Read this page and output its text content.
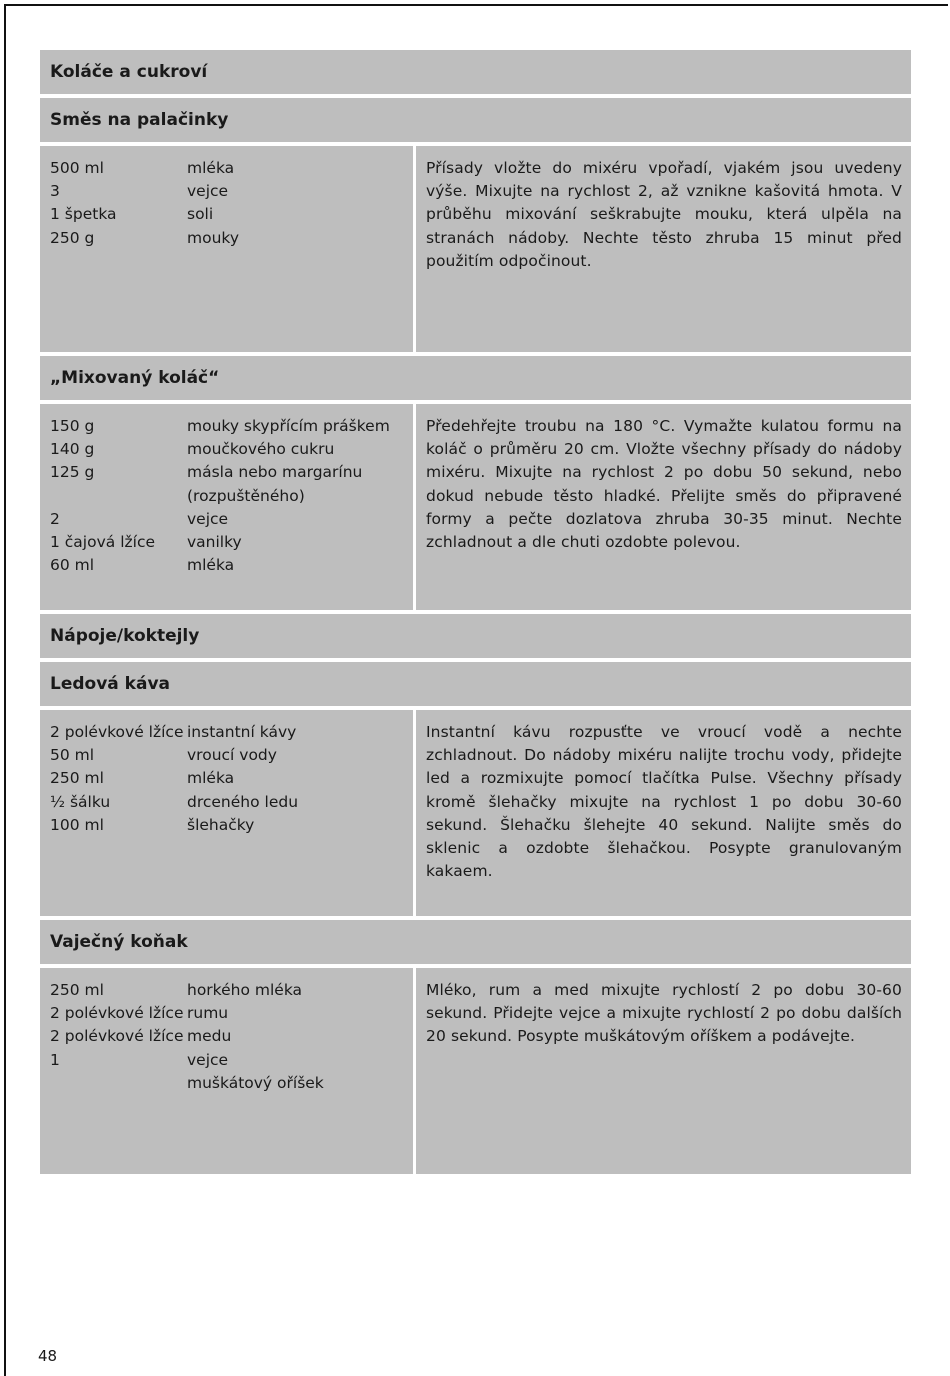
Koláče a cukroví
Směs na palačinky
500 ml	mléka
3	vejce
1 špetka	soli
250 g	mouky
Přísady vložte do mixéru vpořadí, vjakém jsou uvedeny výše. Mixujte na rychlost 2, až vznikne kašovitá hmota. V průběhu mixování seškrabujte mouku, která ulpěla na stranách nádoby. Nechte těsto zhruba 15 minut před použitím odpočinout.
„Mixovaný koláč“
150 g	mouky skypřícím práškem
140 g	moučkového cukru
125 g	másla nebo margarínu (rozpuštěného)
2	vejce
1 čajová lžíce	vanilky
60 ml	mléka
Předehřejte troubu na 180 °C. Vymažte kulatou formu na koláč o průměru 20 cm. Vložte všechny přísady do nádoby mixéru. Mixujte na rychlost 2 po dobu 50 sekund, nebo dokud nebude těsto hladké. Přelijte směs do připravené formy a pečte dozlatova zhruba 30-35 minut. Nechte zchladnout a dle chuti ozdobte polevou.
Nápoje/koktejly
Ledová káva
2 polévkové lžíce instantní kávy
50 ml	vroucí vody
250 ml	mléka
½ šálku	drceného ledu
100 ml	šlehačky
Instantní kávu rozpusťte ve vroucí vodě a nechte zchladnout. Do nádoby mixéru nalijte trochu vody, přidejte led a rozmixujte pomocí tlačítka Pulse. Všechny přísady kromě šlehačky mixujte na rychlost 1 po dobu 30-60 sekund. Šlehačku šlehejte 40 sekund. Nalijte směs do sklenic a ozdobte šlehačkou. Posypte granulovaným kakaem.
Vaječný koňak
250 ml	horkého mléka
2 polévkové lžíce rumu
2 polévkové lžíce medu
1	vejce
muškátový oříšek
Mléko, rum a med mixujte rychlostí 2 po dobu 30-60 sekund. Přidejte vejce a mixujte rychlostí 2 po dobu dalších 20 sekund. Posypte muškátovým oříškem a podávejte.
48
